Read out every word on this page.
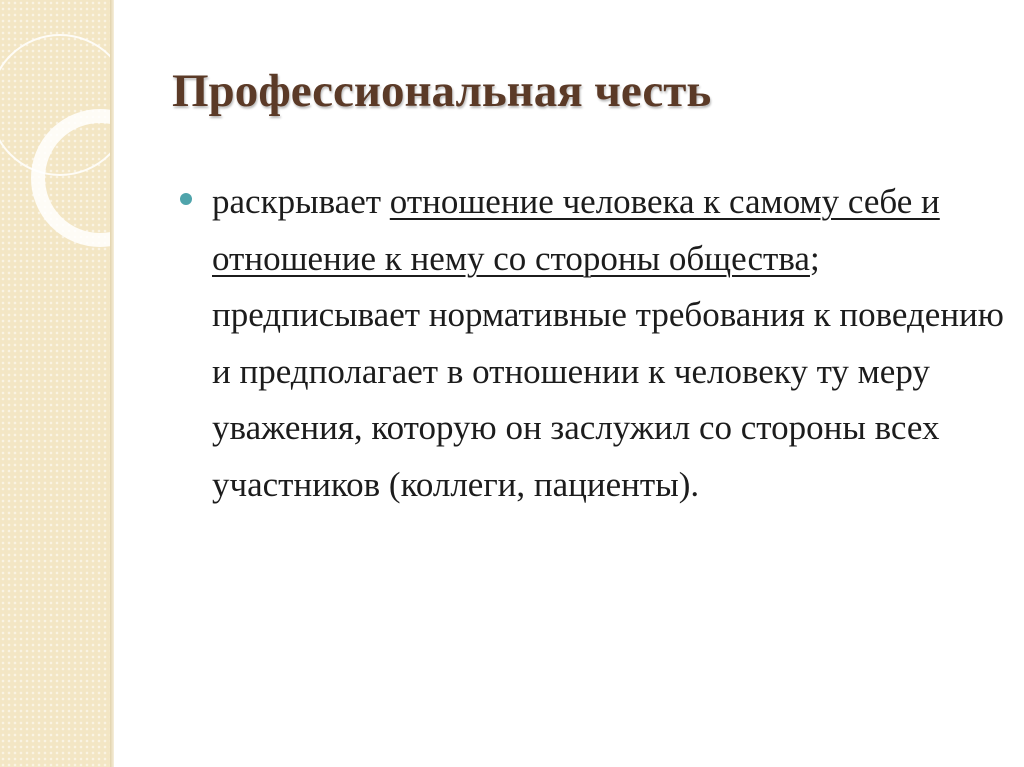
Профессиональная честь

раскрывает отношение человека к самому себе и отношение к нему со стороны общества; предписывает нормативные требования к поведению и предполагает в отношении к человеку ту меру уважения, которую он заслужил со стороны всех участников (коллеги, пациенты).
